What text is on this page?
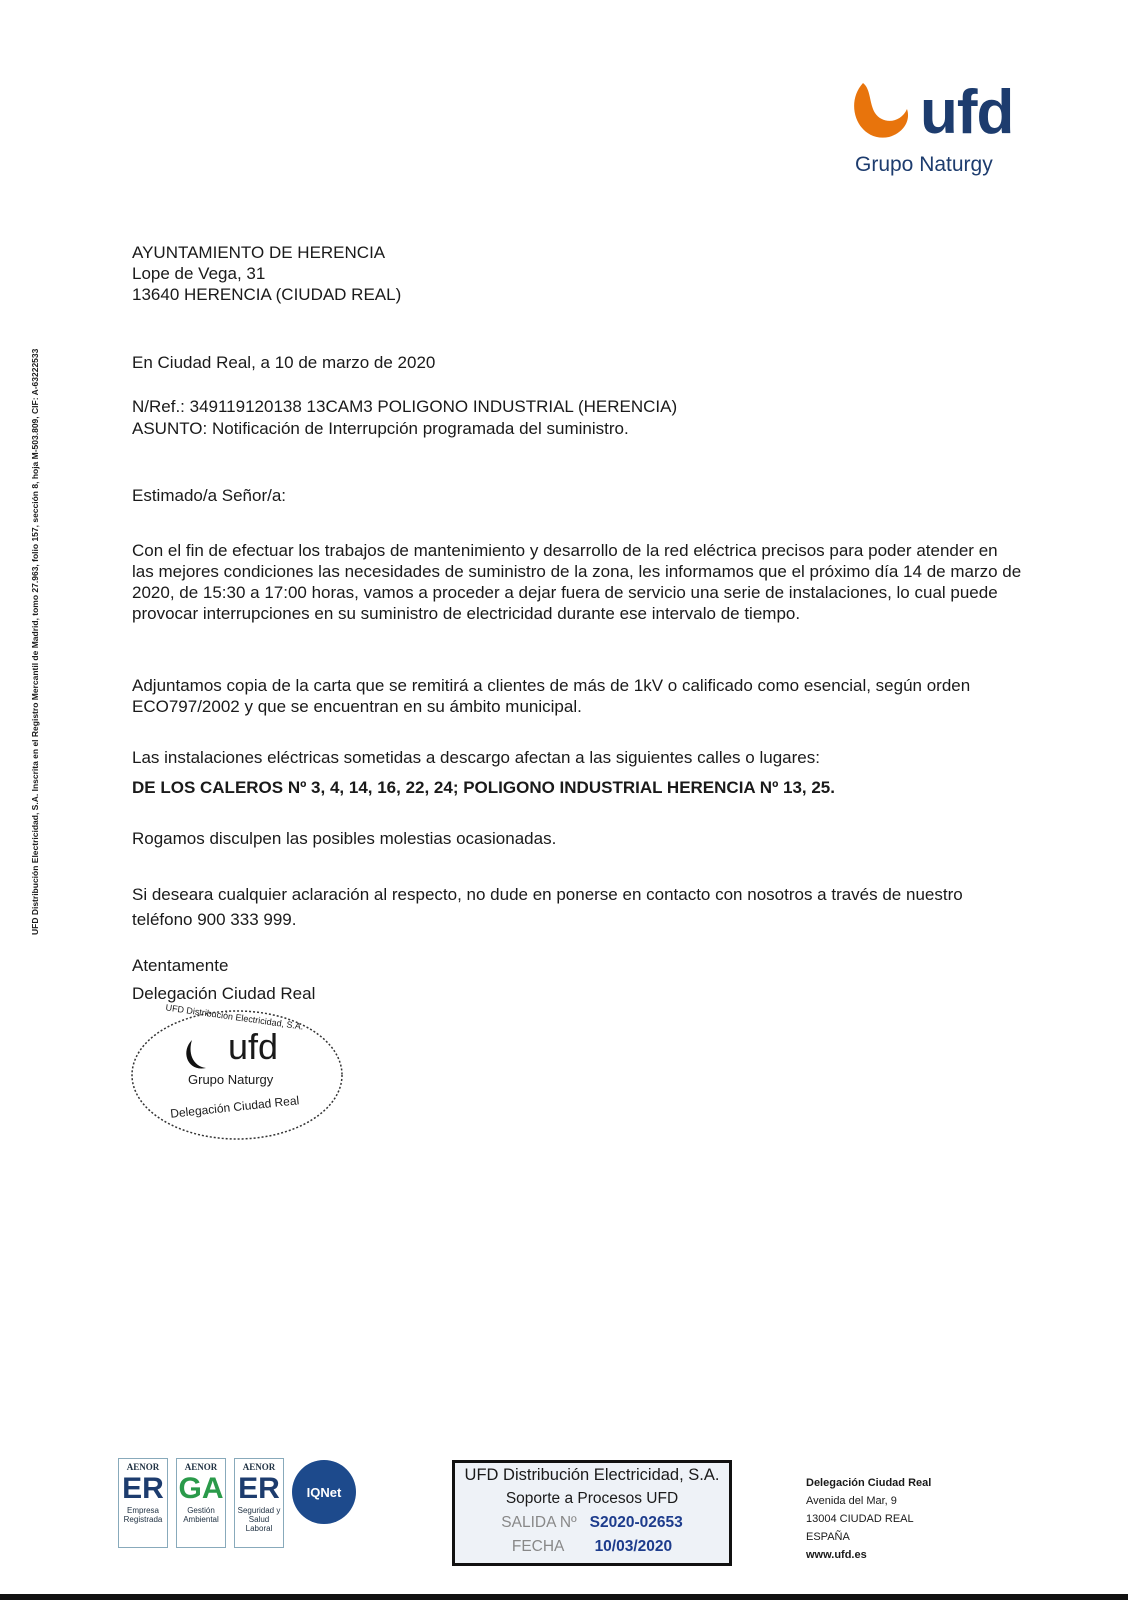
ufd
Grupo Naturgy
UFD Distribución Electricidad, S.A. Inscrita en el Registro Mercantil de Madrid, tomo 27.963, folio 157, sección 8, hoja M-503.809, CIF: A-63222533
AYUNTAMIENTO DE HERENCIA
Lope de Vega, 31
13640 HERENCIA (CIUDAD REAL)
En Ciudad Real, a 10 de marzo de 2020
N/Ref.: 349119120138 13CAM3 POLIGONO INDUSTRIAL (HERENCIA)
ASUNTO: Notificación de Interrupción programada del suministro.
Estimado/a Señor/a:
Con el fin de efectuar los trabajos de mantenimiento y desarrollo de la red eléctrica precisos para poder atender en las mejores condiciones las necesidades de suministro de la zona, les informamos que el próximo día 14 de marzo de 2020, de 15:30 a 17:00 horas, vamos a proceder a dejar fuera de servicio una serie de instalaciones, lo cual puede provocar interrupciones en su suministro de electricidad durante ese intervalo de tiempo.
Adjuntamos copia de la carta que se remitirá a clientes de más de 1kV o calificado como esencial, según orden ECO797/2002 y que se encuentran en su ámbito municipal.
Las instalaciones eléctricas sometidas a descargo afectan a las siguientes calles o lugares:
DE LOS CALEROS Nº 3, 4, 14, 16, 22, 24; POLIGONO INDUSTRIAL HERENCIA Nº 13, 25.
Rogamos disculpen las posibles molestias ocasionadas.
Si deseara cualquier aclaración al respecto, no dude en ponerse en contacto con nosotros a través de nuestro teléfono 900 333 999.
Atentamente
Delegación Ciudad Real
UFD Distribución Electricidad, S.A.
ufd
Grupo Naturgy
Delegación Ciudad Real
AENOR
ER
Empresa Registrada
AENOR
GA
Gestión Ambiental
AENOR
ER
Seguridad y Salud Laboral
IQNet
UFD Distribución Electricidad, S.A.
Soporte a Procesos UFD
SALIDA Nº S2020-02653
FECHA 10/03/2020
Delegación Ciudad Real
Avenida del Mar, 9
13004 CIUDAD REAL
ESPAÑA
www.ufd.es
